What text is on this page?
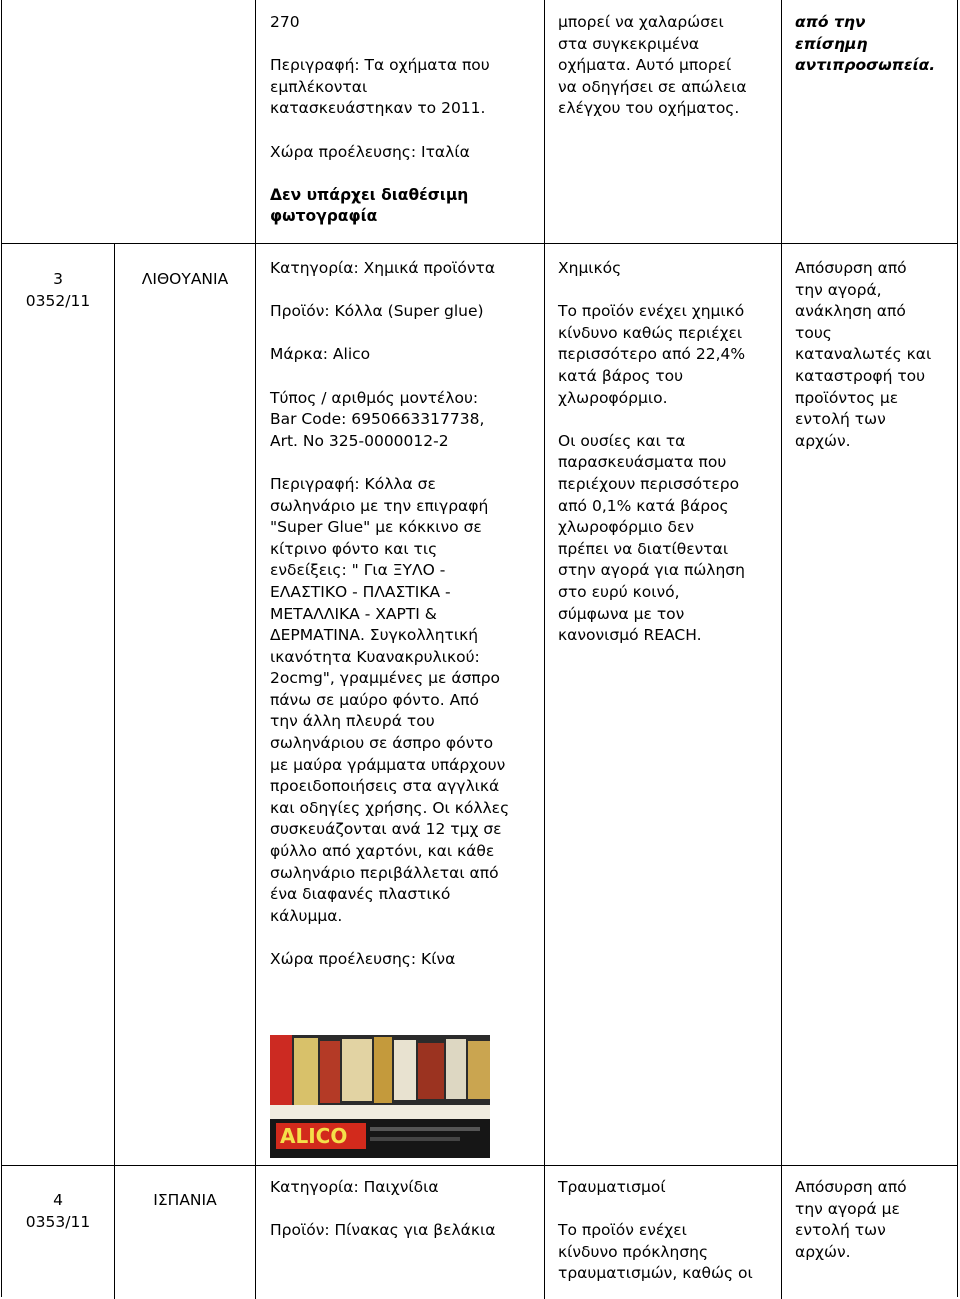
270

Περιγραφή: Τα οχήματα που

εμπλέκονται

κατασκευάστηκαν το 2011.

Χώρα προέλευσης: Ιταλία

Δεν υπάρχει διαθέσιμη

φωτογραφία

μπορεί να χαλαρώσει

στα συγκεκριμένα

οχήματα. Αυτό μπορεί

να οδηγήσει σε απώλεια

ελέγχου του οχήματος.

από την

επίσημη

αντιπροσωπεία.

3

0352/11

ΛΙΘΟΥΑΝΙΑ

Κατηγορία: Χημικά προϊόντα

Προϊόν: Κόλλα (Super glue)

Μάρκα: Alico

Τύπος / αριθμός μοντέλου:

Bar Code: 6950663317738,

Art. No 325-0000012-2

Περιγραφή: Κόλλα σε

σωληνάριο με την επιγραφή

"Super Glue" με κόκκινο σε

κίτρινο φόντο και τις

ενδείξεις: " Για ΞΥΛΟ -

ΕΛΑΣΤΙΚΟ - ΠΛΑΣΤΙΚΑ -

ΜΕΤΑΛΛΙΚΑ - ΧΑΡΤΙ &

ΔΕΡΜΑΤΙΝΑ. Συγκολλητική

ικανότητα Κυανακρυλικού:

2ocmg", γραμμένες με άσπρο

πάνω σε μαύρο φόντο. Από

την άλλη πλευρά του

σωληνάριου σε άσπρο φόντο

με μαύρα γράμματα υπάρχουν

προειδοποιήσεις στα αγγλικά

και οδηγίες χρήσης. Οι κόλλες

συσκευάζονται ανά 12 τμχ σε

φύλλο από χαρτόνι, και κάθε

σωληνάριο περιβάλλεται από

ένα διαφανές πλαστικό

κάλυμμα.

Χώρα προέλευσης: Κίνα

ALICO

Χημικός

Το προϊόν ενέχει χημικό

κίνδυνο καθώς περιέχει

περισσότερο από 22,4%

κατά βάρος του

χλωροφόρμιο.

Οι ουσίες και τα

παρασκευάσματα που

περιέχουν περισσότερο

από 0,1% κατά βάρος

χλωροφόρμιο δεν

πρέπει να διατίθενται

στην αγορά για πώληση

στο ευρύ κοινό,

σύμφωνα με τον

κανονισμό REACH.

Απόσυρση από

την αγορά,

ανάκληση από

τους

καταναλωτές και

καταστροφή του

προϊόντος με

εντολή των

αρχών.

4

0353/11

ΙΣΠΑΝΙΑ

Κατηγορία: Παιχνίδια

Προϊόν: Πίνακας για βελάκια

Τραυματισμοί

Το προϊόν ενέχει

κίνδυνο πρόκλησης

τραυματισμών, καθώς οι

Απόσυρση από

την αγορά με

εντολή των

αρχών.
